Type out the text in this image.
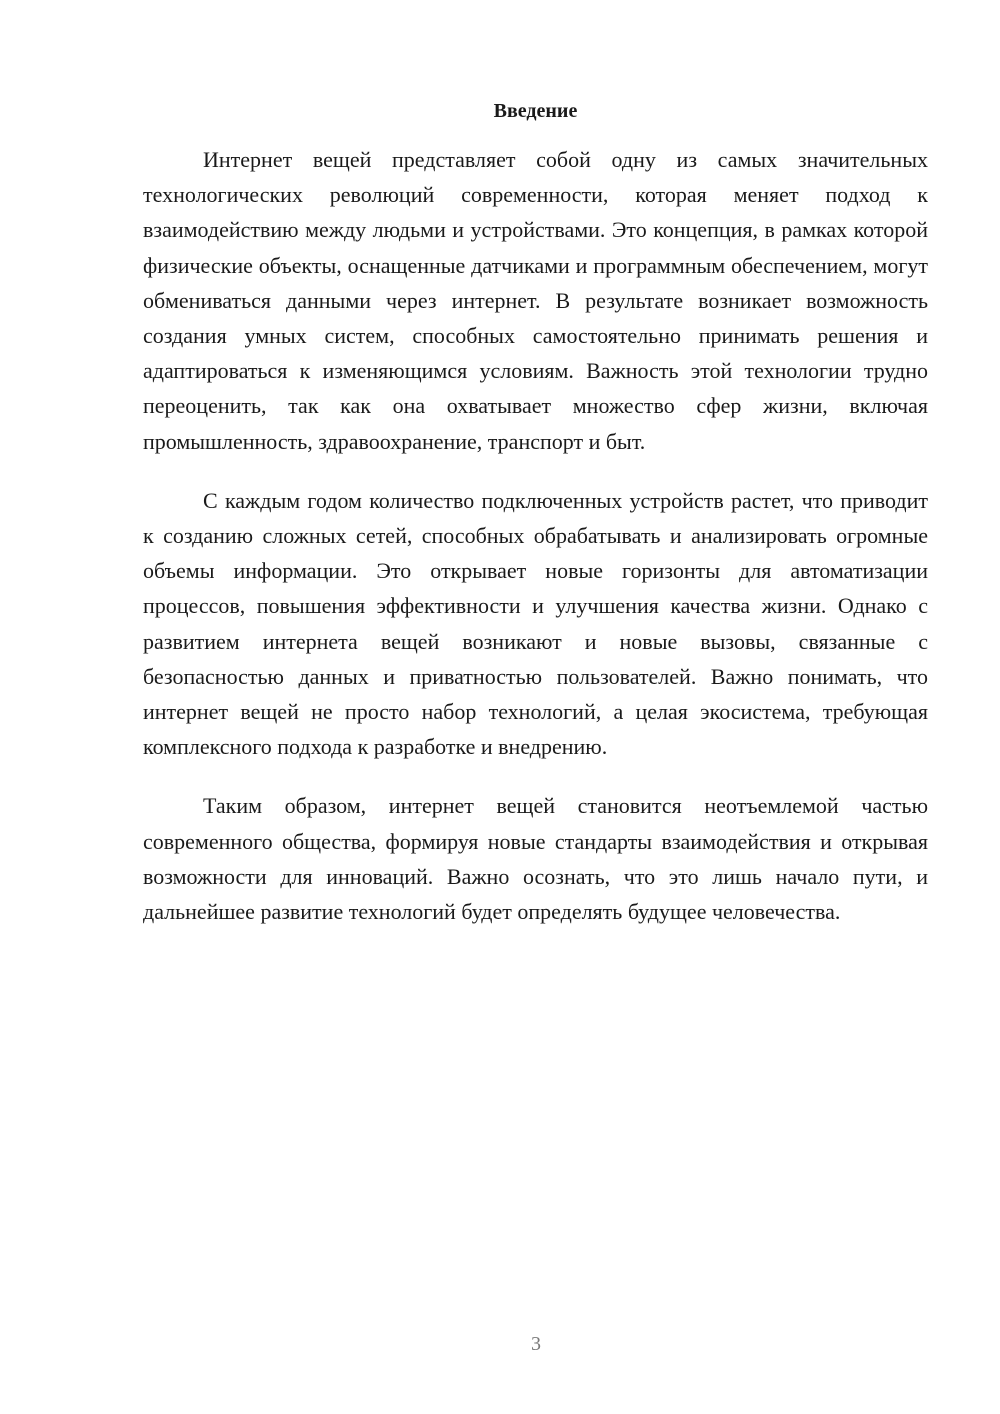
Введение

Интернет вещей представляет собой одну из самых значительных технологических революций современности, которая меняет подход к взаимодействию между людьми и устройствами. Это концепция, в рамках которой физические объекты, оснащенные датчиками и программным обеспечением, могут обмениваться данными через интернет. В результате возникает возможность создания умных систем, способных самостоятельно принимать решения и адаптироваться к изменяющимся условиям. Важность этой технологии трудно переоценить, так как она охватывает множество сфер жизни, включая промышленность, здравоохранение, транспорт и быт.

С каждым годом количество подключенных устройств растет, что приводит к созданию сложных сетей, способных обрабатывать и анализировать огромные объемы информации. Это открывает новые горизонты для автоматизации процессов, повышения эффективности и улучшения качества жизни. Однако с развитием интернета вещей возникают и новые вызовы, связанные с безопасностью данных и приватностью пользователей. Важно понимать, что интернет вещей не просто набор технологий, а целая экосистема, требующая комплексного подхода к разработке и внедрению.

Таким образом, интернет вещей становится неотъемлемой частью современного общества, формируя новые стандарты взаимодействия и открывая возможности для инноваций. Важно осознать, что это лишь начало пути, и дальнейшее развитие технологий будет определять будущее человечества.

3
